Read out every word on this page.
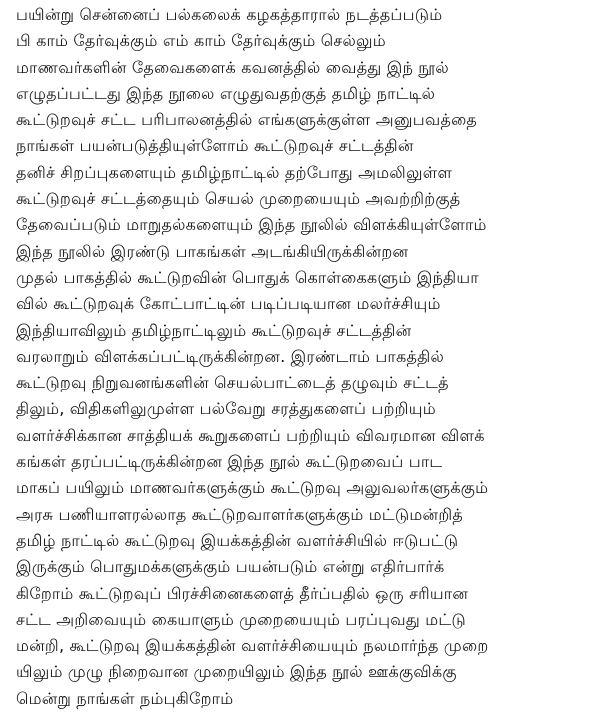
பயின்று சென்னைப் பல்கலைக் கழகத்தாரால் நடத்தப்படும்
பி காம் தேர்வுக்கும் எம் காம் தேர்வுக்கும் செல்லும்
மாணவர்களின் தேவைகளைக் கவனத்தில் வைத்து இந் நூல்
எழுதப்பட்டது இந்த நூலை எழுதுவதற்குத் தமிழ் நாட்டில்
கூட்டுறவுச் சட்ட பரிபாலனத்தில் எங்களுக்குள்ள அனுபவத்தை
நாங்கள் பயன்படுத்தியுள்ளோம் கூட்டுறவுச் சட்டத்தின்
தனிச் சிறப்புகளையும் தமிழ்நாட்டில் தற்போது அமலிலுள்ள
கூட்டுறவுச் சட்டத்தையும் செயல் முறையையும் அவற்றிற்குத்
தேவைப்படும் மாறுதல்களையும் இந்த நூலில் விளக்கியுள்ளோம்
இந்த நூலில் இரண்டு பாகங்கள் அடங்கியிருக்கின்றன
முதல் பாகத்தில் கூட்டுறவின் பொதுக் கொள்கைகளும் இந்தியா
வில் கூட்டுறவுக் கோட்பாட்டின் படிப்படியான மலர்ச்சியும்
இந்தியாவிலும் தமிழ்நாட்டிலும் கூட்டுறவுச் சட்டத்தின்
வரலாறும் விளக்கப்பட்டிருக்கின்றன. இரண்டாம் பாகத்தில்
கூட்டுறவு நிறுவனங்களின் செயல்பாட்டைத் தழுவும் சட்டத்
திலும், விதிகளிலுமுள்ள பல்வேறு சரத்துகளைப் பற்றியும்
வளர்ச்சிக்கான சாத்தியக் கூறுகளைப் பற்றியும் விவரமான விளக்
கங்கள் தரப்பட்டிருக்கின்றன இந்த நூல் கூட்டுறவைப் பாட
மாகப் பயிலும் மாணவர்களுக்கும் கூட்டுறவு அலுவலர்களுக்கும்
அரசு பணியாளரல்லாத கூட்டுறவாளர்களுக்கும் மட்டுமன்றித்
தமிழ் நாட்டில் கூட்டுறவு இயக்கத்தின் வளர்ச்சியில் ஈடுபட்டு
இருக்கும் பொதுமக்களுக்கும் பயன்படும் என்று எதிர்பார்க்
கிறோம் கூட்டுறவுப் பிரச்சினைகளைத் தீர்ப்பதில் ஒரு சரியான
சட்ட அறிவையும் கையாளும் முறையையும் பரப்புவது மட்டு
மன்றி, கூட்டுறவு இயக்கத்தின் வளர்ச்சியையும் நலமார்ந்த முறை
யிலும் முழு நிறைவான முறையிலும் இந்த நூல் ஊக்குவிக்கு
மென்று நாங்கள் நம்புகிறோம்
